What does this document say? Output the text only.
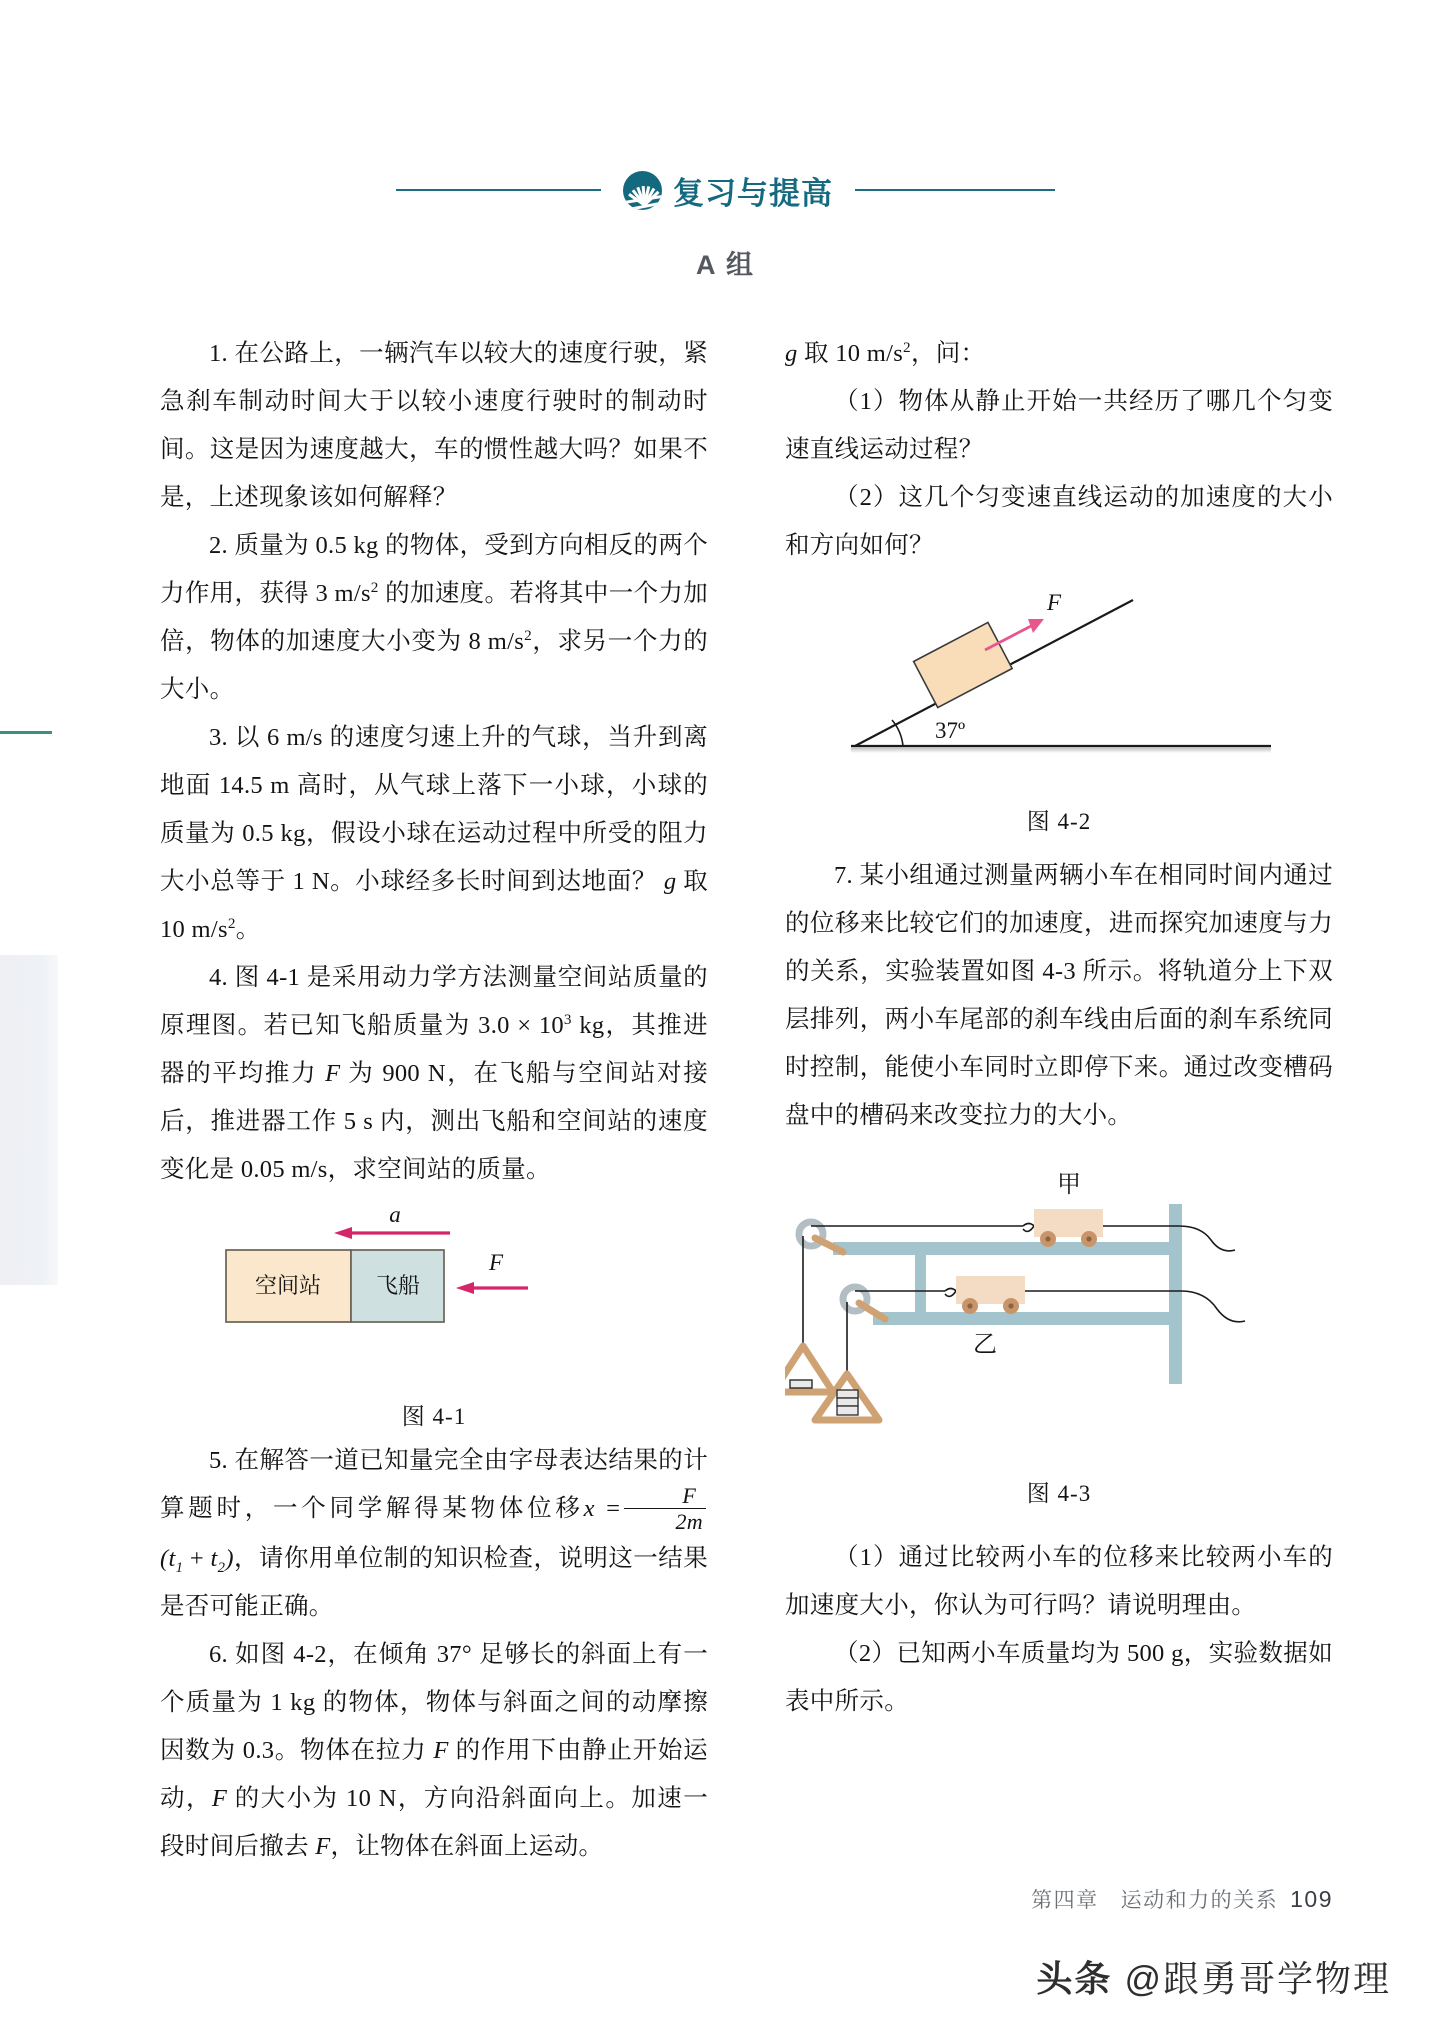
复习与提高
A 组

1. 在公路上，一辆汽车以较大的速度行驶，紧急刹车制动时间大于以较小速度行驶时的制动时间。这是因为速度越大，车的惯性越大吗？如果不是，上述现象该如何解释？

2. 质量为 0.5 kg 的物体，受到方向相反的两个力作用，获得 3 $m/s^2$ 的加速度。若将其中一个力加倍，物体的加速度大小变为 8 $m/s^2$，求另一个力的大小。

3. 以 6 m/s 的速度匀速上升的气球，当升到离地面 14.5 m 高时，从气球上落下一小球，小球的质量为 0.5 kg，假设小球在运动过程中所受的阻力大小总等于 1 N。小球经多长时间到达地面？ g 取 10 $m/s^2$。

4. 图 4-1 是采用动力学方法测量空间站质量的原理图。若已知飞船质量为 $3.0 \times 10^3$ kg，其推进器的平均推力 F 为 900 N，在飞船与空间站对接后，推进器工作 5 s 内，测出飞船和空间站的速度变化是 0.05 m/s，求空间站的质量。

a
空间站 飞船
F
图 4-1

5. 在解答一道已知量完全由字母表达结果的计算题时，一个同学解得某物体位移$x = \frac{F}{2m}$
$(t_1 + t_2)$，请你用单位制的知识检查，说明这一结果是否可能正确。

6. 如图 4-2，在倾角 37° 足够长的斜面上有一个质量为 1 kg 的物体，物体与斜面之间的动摩擦因数为 0.3。物体在拉力 F 的作用下由静止开始运动，F 的大小为 10 N，方向沿斜面向上。加速一段时间后撤去 F，让物体在斜面上运动。

g 取 10 $m/s^2$，问：

（1）物体从静止开始一共经历了哪几个匀变速直线运动过程？

（2）这几个匀变速直线运动的加速度的大小和方向如何？

37º
F
图 4-2

7. 某小组通过测量两辆小车在相同时间内通过的位移来比较它们的加速度，进而探究加速度与力的关系，实验装置如图 4-3 所示。将轨道分上下双层排列，两小车尾部的刹车线由后面的刹车系统同时控制，能使小车同时立即停下来。通过改变槽码盘中的槽码来改变拉力的大小。

甲
乙
图 4-3

（1）通过比较两小车的位移来比较两小车的加速度大小，你认为可行吗？请说明理由。

（2）已知两小车质量均为 500 g，实验数据如表中所示。

第四章 运动和力的关系 109
头条 @跟勇哥学物理
